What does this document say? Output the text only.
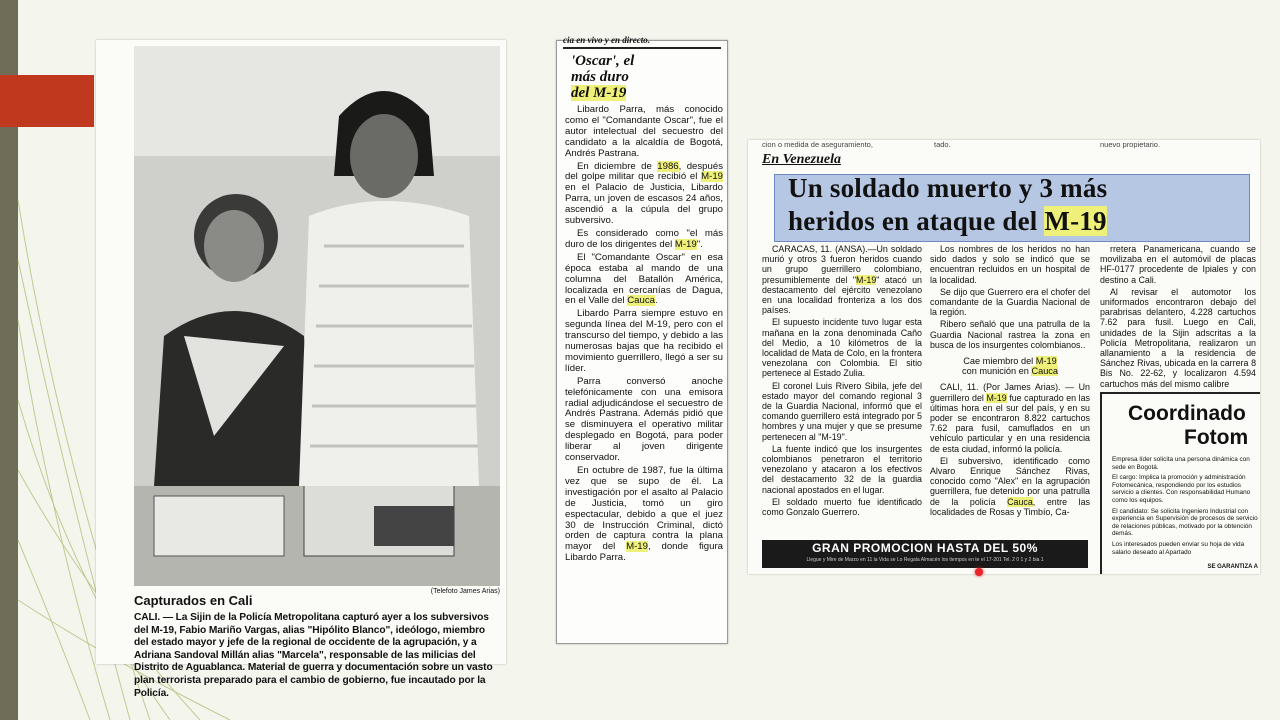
(Telefoto James Arias)
Capturados en Cali
CALI. — La Sijin de la Policía Metropolitana capturó ayer a los subversivos del M-19, Fabio Mariño Vargas, alias "Hipólito Blanco", ideólogo, miembro del estado mayor y jefe de la regional de occidente de la agrupación, y a Adriana Sandoval Millán alias "Marcela", responsable de las milicias del Distrito de Aguablanca. Material de guerra y documentación sobre un vasto plan terrorista preparado para el cambio de gobierno, fue incautado por la Policía.
cia en vivo y en directo.
'Oscar', el
más duro
del M-19

Libardo Parra, más conocido como el "Comandante Oscar", fue el autor intelectual del secuestro del candidato a la alcaldía de Bogotá, Andrés Pastrana.

En diciembre de 1986, después del golpe militar que recibió el M-19 en el Palacio de Justicia, Libardo Parra, un joven de escasos 24 años, ascendió a la cúpula del grupo subversivo.

Es considerado como "el más duro de los dirigentes del M-19".

El "Comandante Oscar" en esa época estaba al mando de una columna del Batallón América, localizada en cercanías de Dagua, en el Valle del Cauca.

Libardo Parra siempre estuvo en segunda línea del M-19, pero con el transcurso del tiempo, y debido a las numerosas bajas que ha recibido el movimiento guerrillero, llegó a ser su líder.

Parra conversó anoche telefónicamente con una emisora radial adjudicándose el secuestro de Andrés Pastrana. Además pidió que se disminuyera el operativo militar desplegado en Bogotá, para poder liberar al joven dirigente conservador.

En octubre de 1987, fue la última vez que se supo de él. La investigación por el asalto al Palacio de Justicia, tomó un giro espectacular, debido a que el juez 30 de Instrucción Criminal, dictó orden de captura contra la plana mayor del M-19, donde figura Libardo Parra.

cion o medida de aseguramiento,	tado.	nuevo propietario.
En Venezuela
Un soldado muerto y 3 más
heridos en ataque del M-19

CARACAS, 11. (ANSA).—Un soldado murió y otros 3 fueron heridos cuando un grupo guerrillero colombiano, presumiblemente del "M-19" atacó un destacamento del ejército venezolano en una localidad fronteriza a los dos países.

El supuesto incidente tuvo lugar esta mañana en la zona denominada Caño del Medio, a 10 kilómetros de la localidad de Mata de Colo, en la frontera venezolana con Colombia. El sitio pertenece al Estado Zulia.

El coronel Luis Rivero Sibila, jefe del estado mayor del comando regional 3 de la Guardia Nacional, informó que el comando guerrillero está integrado por 5 hombres y una mujer y que se presume pertenecen al "M-19".

La fuente indicó que los insurgentes colombianos penetraron el territorio venezolano y atacaron a los efectivos del destacamento 32 de la guardia nacional apostados en el lugar.

El soldado muerto fue identificado como Gonzalo Guerrero.

Los nombres de los heridos no han sido dados y solo se indicó que se encuentran recluidos en un hospital de la localidad.

Se dijo que Guerrero era el chofer del comandante de la Guardia Nacional de la región.

Ribero señaló que una patrulla de la Guardia Nacional rastrea la zona en busca de los insurgentes colombianos..

Cae miembro del M-19
con munición en Cauca

CALI, 11. (Por James Arias). — Un guerrillero del M-19 fue capturado en las últimas hora en el sur del país, y en su poder se encontraron 8.822 cartuchos 7.62 para fusil, camuflados en un vehículo particular y en una residencia de esta ciudad, informó la policía.

El subversivo, identificado como Alvaro Enrique Sánchez Rivas, conocido como "Alex" en la agrupación guerrillera, fue detenido por una patrulla de la policía Cauca, entre las localidades de Rosas y Timbío, Ca-

rretera Panamericana, cuando se movilizaba en el automóvil de placas HF-0177 procedente de Ipiales y con destino a Cali.

Al revisar el automotor los uniformados encontraron debajo del parabrisas delantero, 4.228 cartuchos 7.62 para fusil. Luego en Cali, unidades de la Sijin adscritas a la Policía Metropolitana, realizaron un allanamiento a la residencia de Sánchez Rivas, ubicada en la carrera 8 Bis No. 22-62, y localizaron 4.594 cartuchos más del mismo calibre

GRAN PROMOCION HASTA DEL 50%
Llegue y Mire de Marzo en 11 la Vida se Lo Regala Almacén los tiempos en te el 17-201 Tel. 2 0 1 y 2 bia 1
Coordinado
Fotom

Empresa líder solicita una persona dinámica con sede en Bogotá.

El cargo: Implica la promoción y administración Fotomecánica, respondiendo por los estudios servicio a clientes. Con responsabilidad Humano como los equipos.

El candidato: Se solicita Ingeniero Industrial con experiencia en Supervisión de procesos de servicio de relaciones públicas, motivado por la obtención demás.

Los interesados pueden enviar su hoja de vida salario deseado al Apartado

SE GARANTIZA A
